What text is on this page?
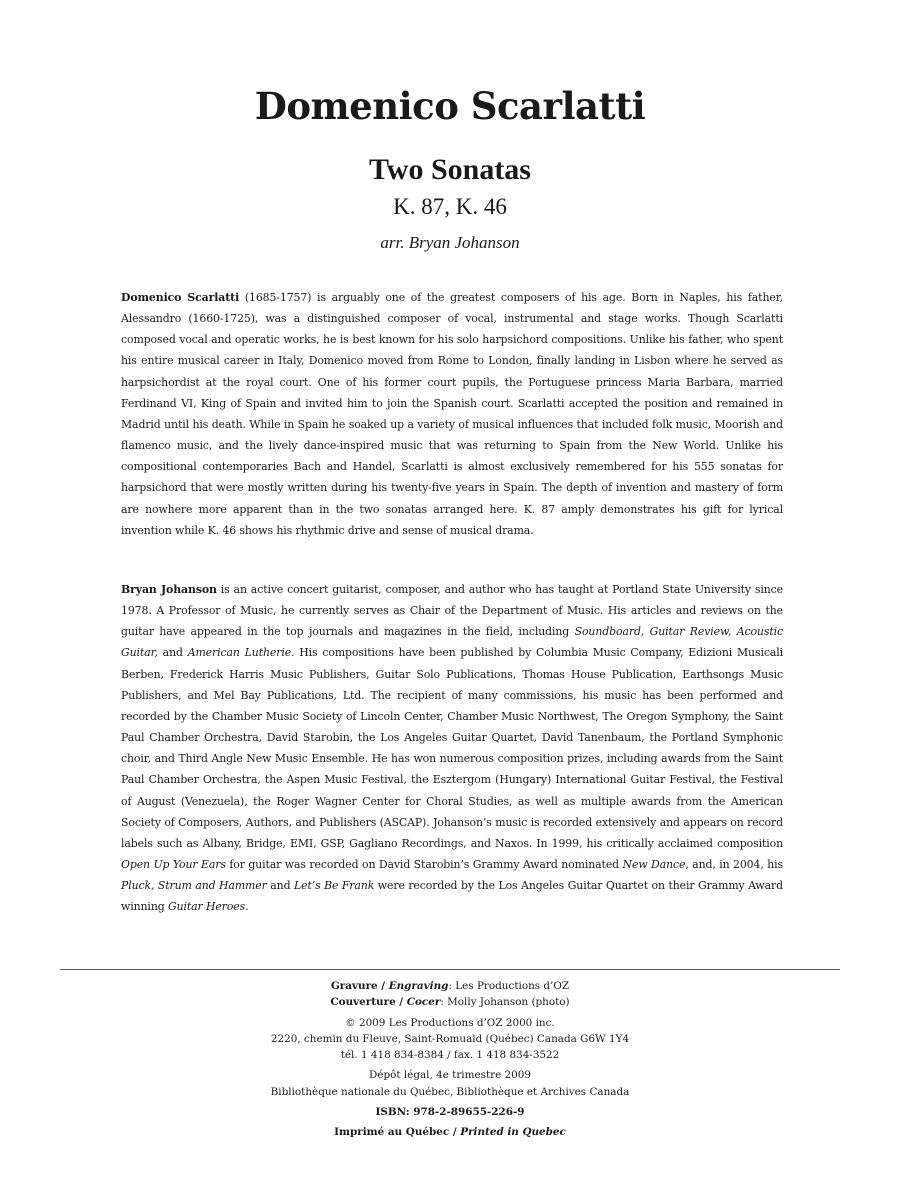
Domenico Scarlatti
Two Sonatas
K. 87, K. 46
arr. Bryan Johanson

Domenico Scarlatti (1685-1757) is arguably one of the greatest composers of his age. Born in Naples, his father, Alessandro (1660-1725), was a distinguished composer of vocal, instrumental and stage works. Though Scarlatti composed vocal and operatic works, he is best known for his solo harpsichord compositions. Unlike his father, who spent his entire musical career in Italy, Domenico moved from Rome to London, finally landing in Lisbon where he served as harpsichordist at the royal court. One of his former court pupils, the Portuguese princess Maria Barbara, married Ferdinand VI, King of Spain and invited him to join the Spanish court. Scarlatti accepted the position and remained in Madrid until his death. While in Spain he soaked up a variety of musical influences that included folk music, Moorish and flamenco music, and the lively dance-inspired music that was returning to Spain from the New World. Unlike his compositional contemporaries Bach and Handel, Scarlatti is almost exclusively remembered for his 555 sonatas for harpsichord that were mostly written during his twenty-five years in Spain. The depth of invention and mastery of form are nowhere more apparent than in the two sonatas arranged here. K. 87 amply demonstrates his gift for lyrical invention while K. 46 shows his rhythmic drive and sense of musical drama.

Bryan Johanson is an active concert guitarist, composer, and author who has taught at Portland State University since 1978. A Professor of Music, he currently serves as Chair of the Department of Music. His articles and reviews on the guitar have appeared in the top journals and magazines in the field, including Soundboard, Guitar Review, Acoustic Guitar, and American Lutherie. His compositions have been published by Columbia Music Company, Edizioni Musicali Berben, Frederick Harris Music Publishers, Guitar Solo Publications, Thomas House Publication, Earthsongs Music Publishers, and Mel Bay Publications, Ltd. The recipient of many commissions, his music has been performed and recorded by the Chamber Music Society of Lincoln Center, Chamber Music Northwest, The Oregon Symphony, the Saint Paul Chamber Orchestra, David Starobin, the Los Angeles Guitar Quartet, David Tanenbaum, the Portland Symphonic choir, and Third Angle New Music Ensemble. He has won numerous composition prizes, including awards from the Saint Paul Chamber Orchestra, the Aspen Music Festival, the Esztergom (Hungary) International Guitar Festival, the Festival of August (Venezuela), the Roger Wagner Center for Choral Studies, as well as multiple awards from the American Society of Composers, Authors, and Publishers (ASCAP). Johanson’s music is recorded extensively and appears on record labels such as Albany, Bridge, EMI, GSP, Gagliano Recordings, and Naxos. In 1999, his critically acclaimed composition Open Up Your Ears for guitar was recorded on David Starobin’s Grammy Award nominated New Dance, and, in 2004, his Pluck, Strum and Hammer and Let’s Be Frank were recorded by the Los Angeles Guitar Quartet on their Grammy Award winning Guitar Heroes.

Gravure / Engraving: Les Productions d’OZ

Couverture / Cocer: Molly Johanson (photo)

© 2009 Les Productions d’OZ 2000 inc.

2220, chemin du Fleuve, Saint-Romuald (Québec) Canada G6W 1Y4

tél. 1 418 834-8384 / fax. 1 418 834-3522

Dépôt légal, 4e trimestre 2009

Bibliothèque nationale du Québec, Bibliothèque et Archives Canada

ISBN: 978-2-89655-226-9

Imprimé au Québec / Printed in Quebec
